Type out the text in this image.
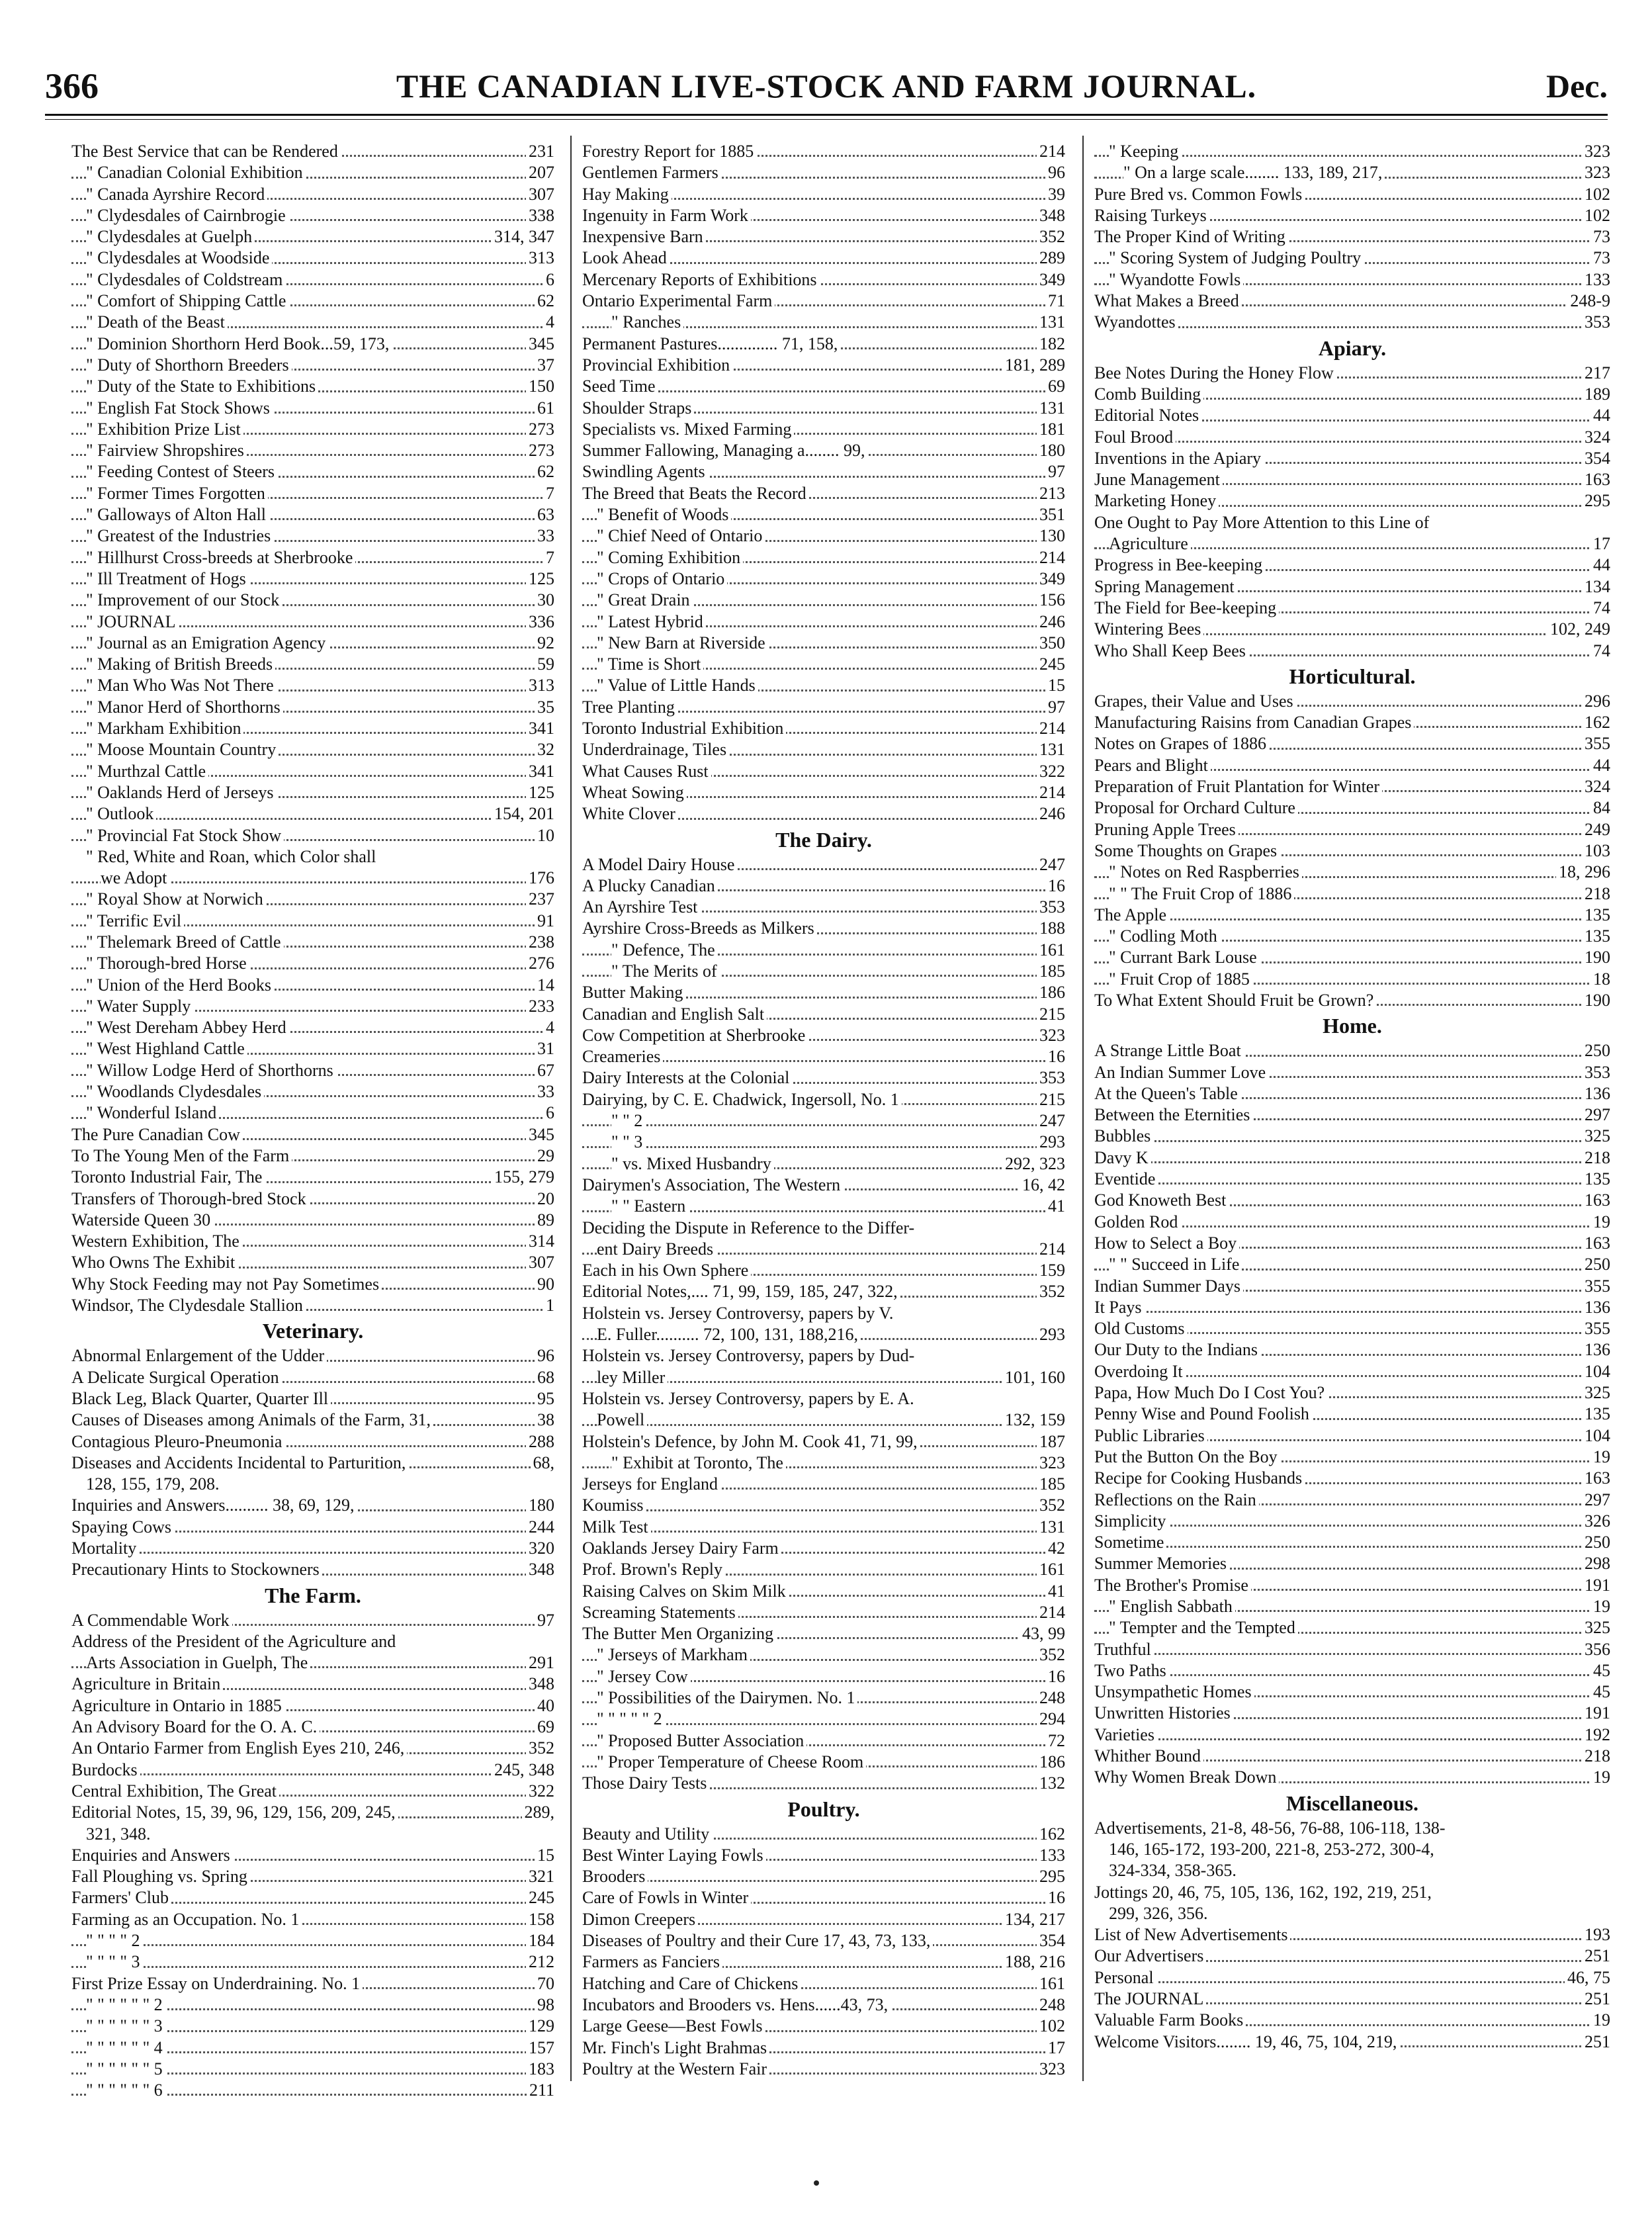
366	THE CANADIAN LIVE-STOCK AND FARM JOURNAL.	Dec.
The Best Service that can be Rendered	231
" Canadian Colonial Exhibition	207
" Canada Ayrshire Record	307
" Clydesdales of Cairnbrogie	338
" Clydesdales at Guelph	314, 347
" Clydesdales at Woodside	313
" Clydesdales of Coldstream	6
" Comfort of Shipping Cattle	62
" Death of the Beast	4
" Dominion Shorthorn Herd Book...59, 173,	345
" Duty of Shorthorn Breeders	37
" Duty of the State to Exhibitions	150
" English Fat Stock Shows	61
" Exhibition Prize List	273
" Fairview Shropshires	273
" Feeding Contest of Steers	62
" Former Times Forgotten	7
" Galloways of Alton Hall	63
" Greatest of the Industries	33
" Hillhurst Cross-breeds at Sherbrooke	7
" Ill Treatment of Hogs	125
" Improvement of our Stock	30
" JOURNAL	336
" Journal as an Emigration Agency	92
" Making of British Breeds	59
" Man Who Was Not There	313
" Manor Herd of Shorthorns	35
" Markham Exhibition	341
" Moose Mountain Country	32
" Murthzal Cattle	341
" Oaklands Herd of Jerseys	125
" Outlook	154, 201
" Provincial Fat Stock Show	10
" Red, White and Roan, which Color shall
we Adopt	176
" Royal Show at Norwich	237
" Terrific Evil	91
" Thelemark Breed of Cattle	238
" Thorough-bred Horse	276
" Union of the Herd Books	14
" Water Supply	233
" West Dereham Abbey Herd	4
" West Highland Cattle	31
" Willow Lodge Herd of Shorthorns	67
" Woodlands Clydesdales	33
" Wonderful Island	6
The Pure Canadian Cow	345
To The Young Men of the Farm	29
Toronto Industrial Fair, The	155, 279
Transfers of Thorough-bred Stock	20
Waterside Queen 30	89
Western Exhibition, The	314
Who Owns The Exhibit	307
Why Stock Feeding may not Pay Sometimes	90
Windsor, The Clydesdale Stallion	1
Veterinary.
Abnormal Enlargement of the Udder	96
A Delicate Surgical Operation	68
Black Leg, Black Quarter, Quarter Ill	95
Causes of Diseases among Animals of the Farm, 31,	38
Contagious Pleuro-Pneumonia	288
Diseases and Accidents Incidental to Parturition,	68,
128, 155, 179, 208.
Inquiries and Answers.......... 38, 69, 129,	180
Spaying Cows	244
Mortality	320
Precautionary Hints to Stockowners	348
The Farm.
A Commendable Work	97
Address of the President of the Agriculture and
Arts Association in Guelph, The	291
Agriculture in Britain	348
Agriculture in Ontario in 1885	40
An Advisory Board for the O. A. C.	69
An Ontario Farmer from English Eyes 210, 246,	352
Burdocks	245, 348
Central Exhibition, The Great	322
Editorial Notes, 15, 39, 96, 129, 156, 209, 245,	289,
321, 348.
Enquiries and Answers	15
Fall Ploughing vs. Spring	321
Farmers' Club	245
Farming as an Occupation. No. 1	158
" " " " 2	184
" " " " 3	212
First Prize Essay on Underdraining. No. 1	70
" " " " " " 2	98
" " " " " " 3	129
" " " " " " 4	157
" " " " " " 5	183
" " " " " " 6	211
Forestry Report for 1885	214
Gentlemen Farmers	96
Hay Making	39
Ingenuity in Farm Work	348
Inexpensive Barn	352
Look Ahead	289
Mercenary Reports of Exhibitions	349
Ontario Experimental Farm	71
" Ranches	131
Permanent Pastures.............. 71, 158,	182
Provincial Exhibition	181, 289
Seed Time	69
Shoulder Straps	131
Specialists vs. Mixed Farming	181
Summer Fallowing, Managing a........ 99,	180
Swindling Agents	97
The Breed that Beats the Record	213
" Benefit of Woods	351
" Chief Need of Ontario	130
" Coming Exhibition	214
" Crops of Ontario	349
" Great Drain	156
" Latest Hybrid	246
" New Barn at Riverside	350
" Time is Short	245
" Value of Little Hands	15
Tree Planting	97
Toronto Industrial Exhibition	214
Underdrainage, Tiles	131
What Causes Rust	322
Wheat Sowing	214
White Clover	246
The Dairy.
A Model Dairy House	247
A Plucky Canadian	16
An Ayrshire Test	353
Ayrshire Cross-Breeds as Milkers	188
" Defence, The	161
" The Merits of	185
Butter Making	186
Canadian and English Salt	215
Cow Competition at Sherbrooke	323
Creameries	16
Dairy Interests at the Colonial	353
Dairying, by C. E. Chadwick, Ingersoll, No. 1	215
" " 2	247
" " 3	293
" vs. Mixed Husbandry	292, 323
Dairymen's Association, The Western	16, 42
" " Eastern	41
Deciding the Dispute in Reference to the Differ-
ent Dairy Breeds	214
Each in his Own Sphere	159
Editorial Notes,.... 71, 99, 159, 185, 247, 322,	352
Holstein vs. Jersey Controversy, papers by V.
E. Fuller.......... 72, 100, 131, 188,216,	293
Holstein vs. Jersey Controversy, papers by Dud-
ley Miller	101, 160
Holstein vs. Jersey Controversy, papers by E. A.
Powell	132, 159
Holstein's Defence, by John M. Cook 41, 71, 99,	187
" Exhibit at Toronto, The	323
Jerseys for England	185
Koumiss	352
Milk Test	131
Oaklands Jersey Dairy Farm	42
Prof. Brown's Reply	161
Raising Calves on Skim Milk	41
Screaming Statements	214
The Butter Men Organizing	43, 99
" Jerseys of Markham	352
" Jersey Cow	16
" Possibilities of the Dairymen. No. 1	248
" " " " " 2	294
" Proposed Butter Association	72
" Proper Temperature of Cheese Room	186
Those Dairy Tests	132
Poultry.
Beauty and Utility	162
Best Winter Laying Fowls	133
Brooders	295
Care of Fowls in Winter	16
Dimon Creepers	134, 217
Diseases of Poultry and their Cure 17, 43, 73, 133,	354
Farmers as Fanciers	188, 216
Hatching and Care of Chickens	161
Incubators and Brooders vs. Hens......43, 73,	248
Large Geese—Best Fowls	102
Mr. Finch's Light Brahmas	17
Poultry at the Western Fair	323
" Keeping	323
" On a large scale........ 133, 189, 217,	323
Pure Bred vs. Common Fowls	102
Raising Turkeys	102
The Proper Kind of Writing	73
" Scoring System of Judging Poultry	73
" Wyandotte Fowls	133
What Makes a Breed	248-9
Wyandottes	353
Apiary.
Bee Notes During the Honey Flow	217
Comb Building	189
Editorial Notes	44
Foul Brood	324
Inventions in the Apiary	354
June Management	163
Marketing Honey	295
One Ought to Pay More Attention to this Line of
Agriculture	17
Progress in Bee-keeping	44
Spring Management	134
The Field for Bee-keeping	74
Wintering Bees	102, 249
Who Shall Keep Bees	74
Horticultural.
Grapes, their Value and Uses	296
Manufacturing Raisins from Canadian Grapes	162
Notes on Grapes of 1886	355
Pears and Blight	44
Preparation of Fruit Plantation for Winter	324
Proposal for Orchard Culture	84
Pruning Apple Trees	249
Some Thoughts on Grapes	103
" Notes on Red Raspberries	18, 296
" " The Fruit Crop of 1886	218
The Apple	135
" Codling Moth	135
" Currant Bark Louse	190
" Fruit Crop of 1885	18
To What Extent Should Fruit be Grown?	190
Home.
A Strange Little Boat	250
An Indian Summer Love	353
At the Queen's Table	136
Between the Eternities	297
Bubbles	325
Davy K	218
Eventide	135
God Knoweth Best	163
Golden Rod	19
How to Select a Boy	163
" " Succeed in Life	250
Indian Summer Days	355
It Pays	136
Old Customs	355
Our Duty to the Indians	136
Overdoing It	104
Papa, How Much Do I Cost You?	325
Penny Wise and Pound Foolish	135
Public Libraries	104
Put the Button On the Boy	19
Recipe for Cooking Husbands	163
Reflections on the Rain	297
Simplicity	326
Sometime	250
Summer Memories	298
The Brother's Promise	191
" English Sabbath	19
" Tempter and the Tempted	325
Truthful	356
Two Paths	45
Unsympathetic Homes	45
Unwritten Histories	191
Varieties	192
Whither Bound	218
Why Women Break Down	19
Miscellaneous.
Advertisements, 21-8, 48-56, 76-88, 106-118, 138-
146, 165-172, 193-200, 221-8, 253-272, 300-4,
324-334, 358-365.
Jottings 20, 46, 75, 105, 136, 162, 192, 219, 251,
299, 326, 356.
List of New Advertisements	193
Our Advertisers	251
Personal	46, 75
The JOURNAL	251
Valuable Farm Books	19
Welcome Visitors........ 19, 46, 75, 104, 219,	251
